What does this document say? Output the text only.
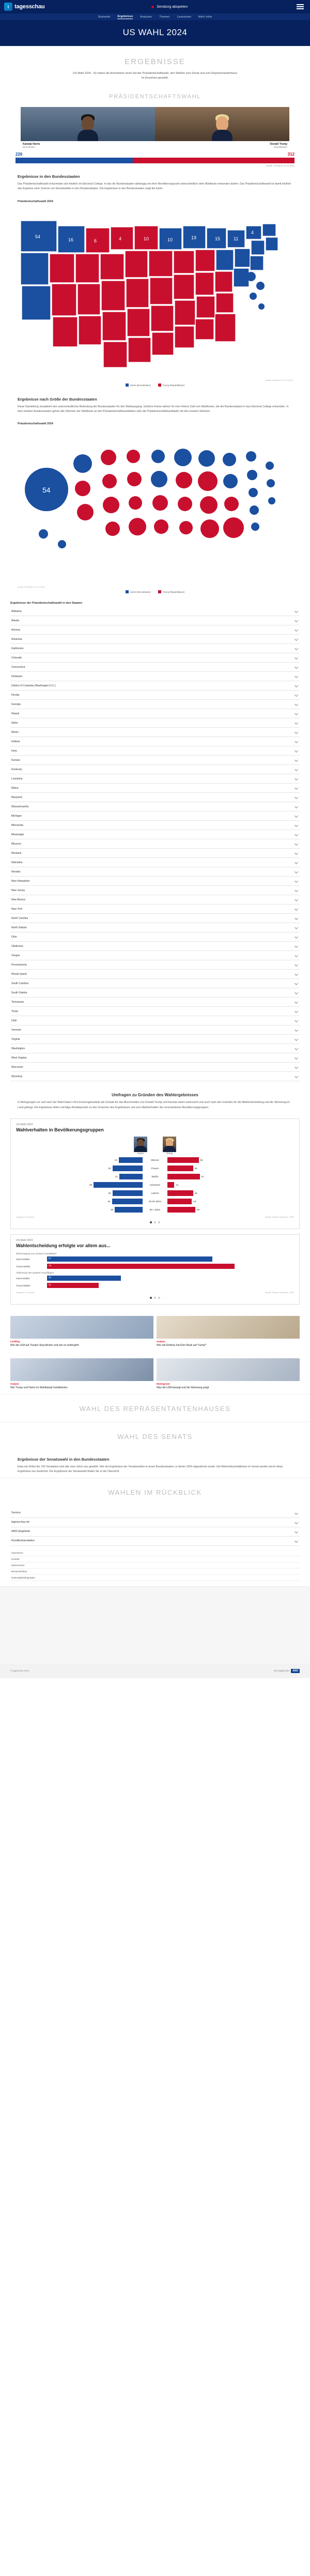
t tagesschau	Sendung abspielen
Startseite	Ergebnisse	Analysen	Themen	Livestream	Mehr Infos
US WAHL 2024
ERGEBNISSE

US-Wahl 2024 - So haben die Amerikaner·innen bei der Präsidentschaftswahl, den Wahlen zum Senat und zum Repräsentantenhaus im Einzelnen gewählt.

PRÄSIDENTSCHAFTSWAHL
Kamala Harris
Demokraten
Donald Trump
Republikaner
226	312
Quelle: AP/Stand: 11.12.2024
Ergebnisse in den Bundesstaaten

Das Präsidentschaftswahl entscheidet sich letztlich im Electoral College. In das die Bundesstaaten abhängig von ihrer Bevölkerungszahl unterschiedlich viele Wahlleute entsenden dürfen. Das Präsidentschaftswahl ist damit letztlich das Ergebnis einer Summe von Einzelwahlen in den Bundesstaaten. Die Ergebnisse in den Bundesstaaten zeigt die Karte.

Präsidentschaftswahl 2024
54
16	6	4	10	10	19	15	11
4
Quelle: AP/Stand: 11.12.2024
Harris (Demokraten)	Trump (Republikaner)
Ergebnisse nach Größe der Bundesstaaten

Diese Darstellung visualisiert den unterschiedlichen Bedeutung der Bundesstaaten für den Wahlausgang. Größere Kreise stehen für eine höhere Zahl von Wahlleuten, die der Bundesstaaten in das Electoral College entsenden. In dem meisten Bundesstaaten gehen alle Stimmen der Wahlleute an den Präsidentschaftskandidaten oder die Präsidentschaftskandidatin mit den meisten Stimmen.

Präsidentschaftswahl 2024
54
Quelle: AP/Stand: 11.12.2024
Harris (Demokraten)	Trump (Republikaner)
Ergebnisse der Präsidentschaftswahl in den Staaten
Alabama
Alaska
Arizona
Arkansas
Kalifornien
Colorado
Connecticut
Delaware
District of Columbia (Washington D.C.)
Florida
Georgia
Hawaii
Idaho
Illinois
Indiana
Iowa
Kansas
Kentucky
Louisiana
Maine
Maryland
Massachusetts
Michigan
Minnesota
Mississippi
Missouri
Montana
Nebraska
Nevada
New Hampshire
New Jersey
New Mexico
New York
North Carolina
North Dakota
Ohio
Oklahoma
Oregon
Pennsylvania
Rhode Island
South Carolina
South Dakota
Tennessee
Texas
Utah
Vermont
Virginia
Washington
West Virginia
Wisconsin
Wyoming
Umfragen zu Gründen des Wahlergebnisses

In Befragungen vor und nach der Wahl haben US-Forschungsinstitute die Gründe für das Abschneiden von Donald Trump und Kamala Harris untersucht und auch nach den Gründen für die Wahlentscheidung und die Stimmung im Land gefragt. Die Ergebnisse liefern wichtige Anhaltspunkte zu den Ursachen des Ergebnisses und zum Wahlverhalten der verschiedenen Bevölkerungsgruppen.

US-Wahl 2024
Wahlverhalten in Bevölkerungsgruppen
Harris	Trump
42	Männer	55
53	Frauen	45
41	Weiße	57
86	Schwarze	12
53	Latinos	45
54	18-29 Jahre	43
49	65+ Jahre	49
Angaben in Prozent	Quelle: Edison Research / NEP
US-Wahl 2024
Wahlentscheidung erfolgte vor allem aus...
Überzeugung von meinem Kandidaten
Harris-Wähler	67
Trump-Wähler	76
Ablehnung des anderen Kandidaten
Harris-Wähler	30
Trump-Wähler	21
Angaben in Prozent	Quelle: Edison Research / NEP
Liveblog
Wie die USA auf Trumps Sieg blicken und wie es weitergeht
Analyse
Wie viel Einfluss hat Elon Musk auf Trump?
Analyse
Wie Trump und Harris im Wahlkampf mobilisierten
Hintergrund
Was die USA bewegt und die Stimmung prägt
WAHL DES REPRÄSENTANTENHAUSES
WAHL DES SENATS
Ergebnisse der Senatswahl in den Bundesstaaten

Etwa ein Drittel der 100 Senatsitze wird alle zwei Jahre neu gewählt. Hier die Ergebnisse der Senatswahlen in jenen Bundesstaaten, in denen 2024 abgestimmt wurde. Die Mehrheitsverhältnisse im Senat werden durch diese Ergebnisse neu bestimmt. Die Ergebnisse der Senatswahl finden Sie in der Übersicht.

WAHLEN IM RÜCKBLICK
Service
tagesschau.de
ARD-Angebote
Rundfunkanstalten
Impressum
Kontakt
Datenschutz
Barrierefreiheit
Nutzungsbedingungen
© tagesschau 2024	Ein Angebot der	ARD
